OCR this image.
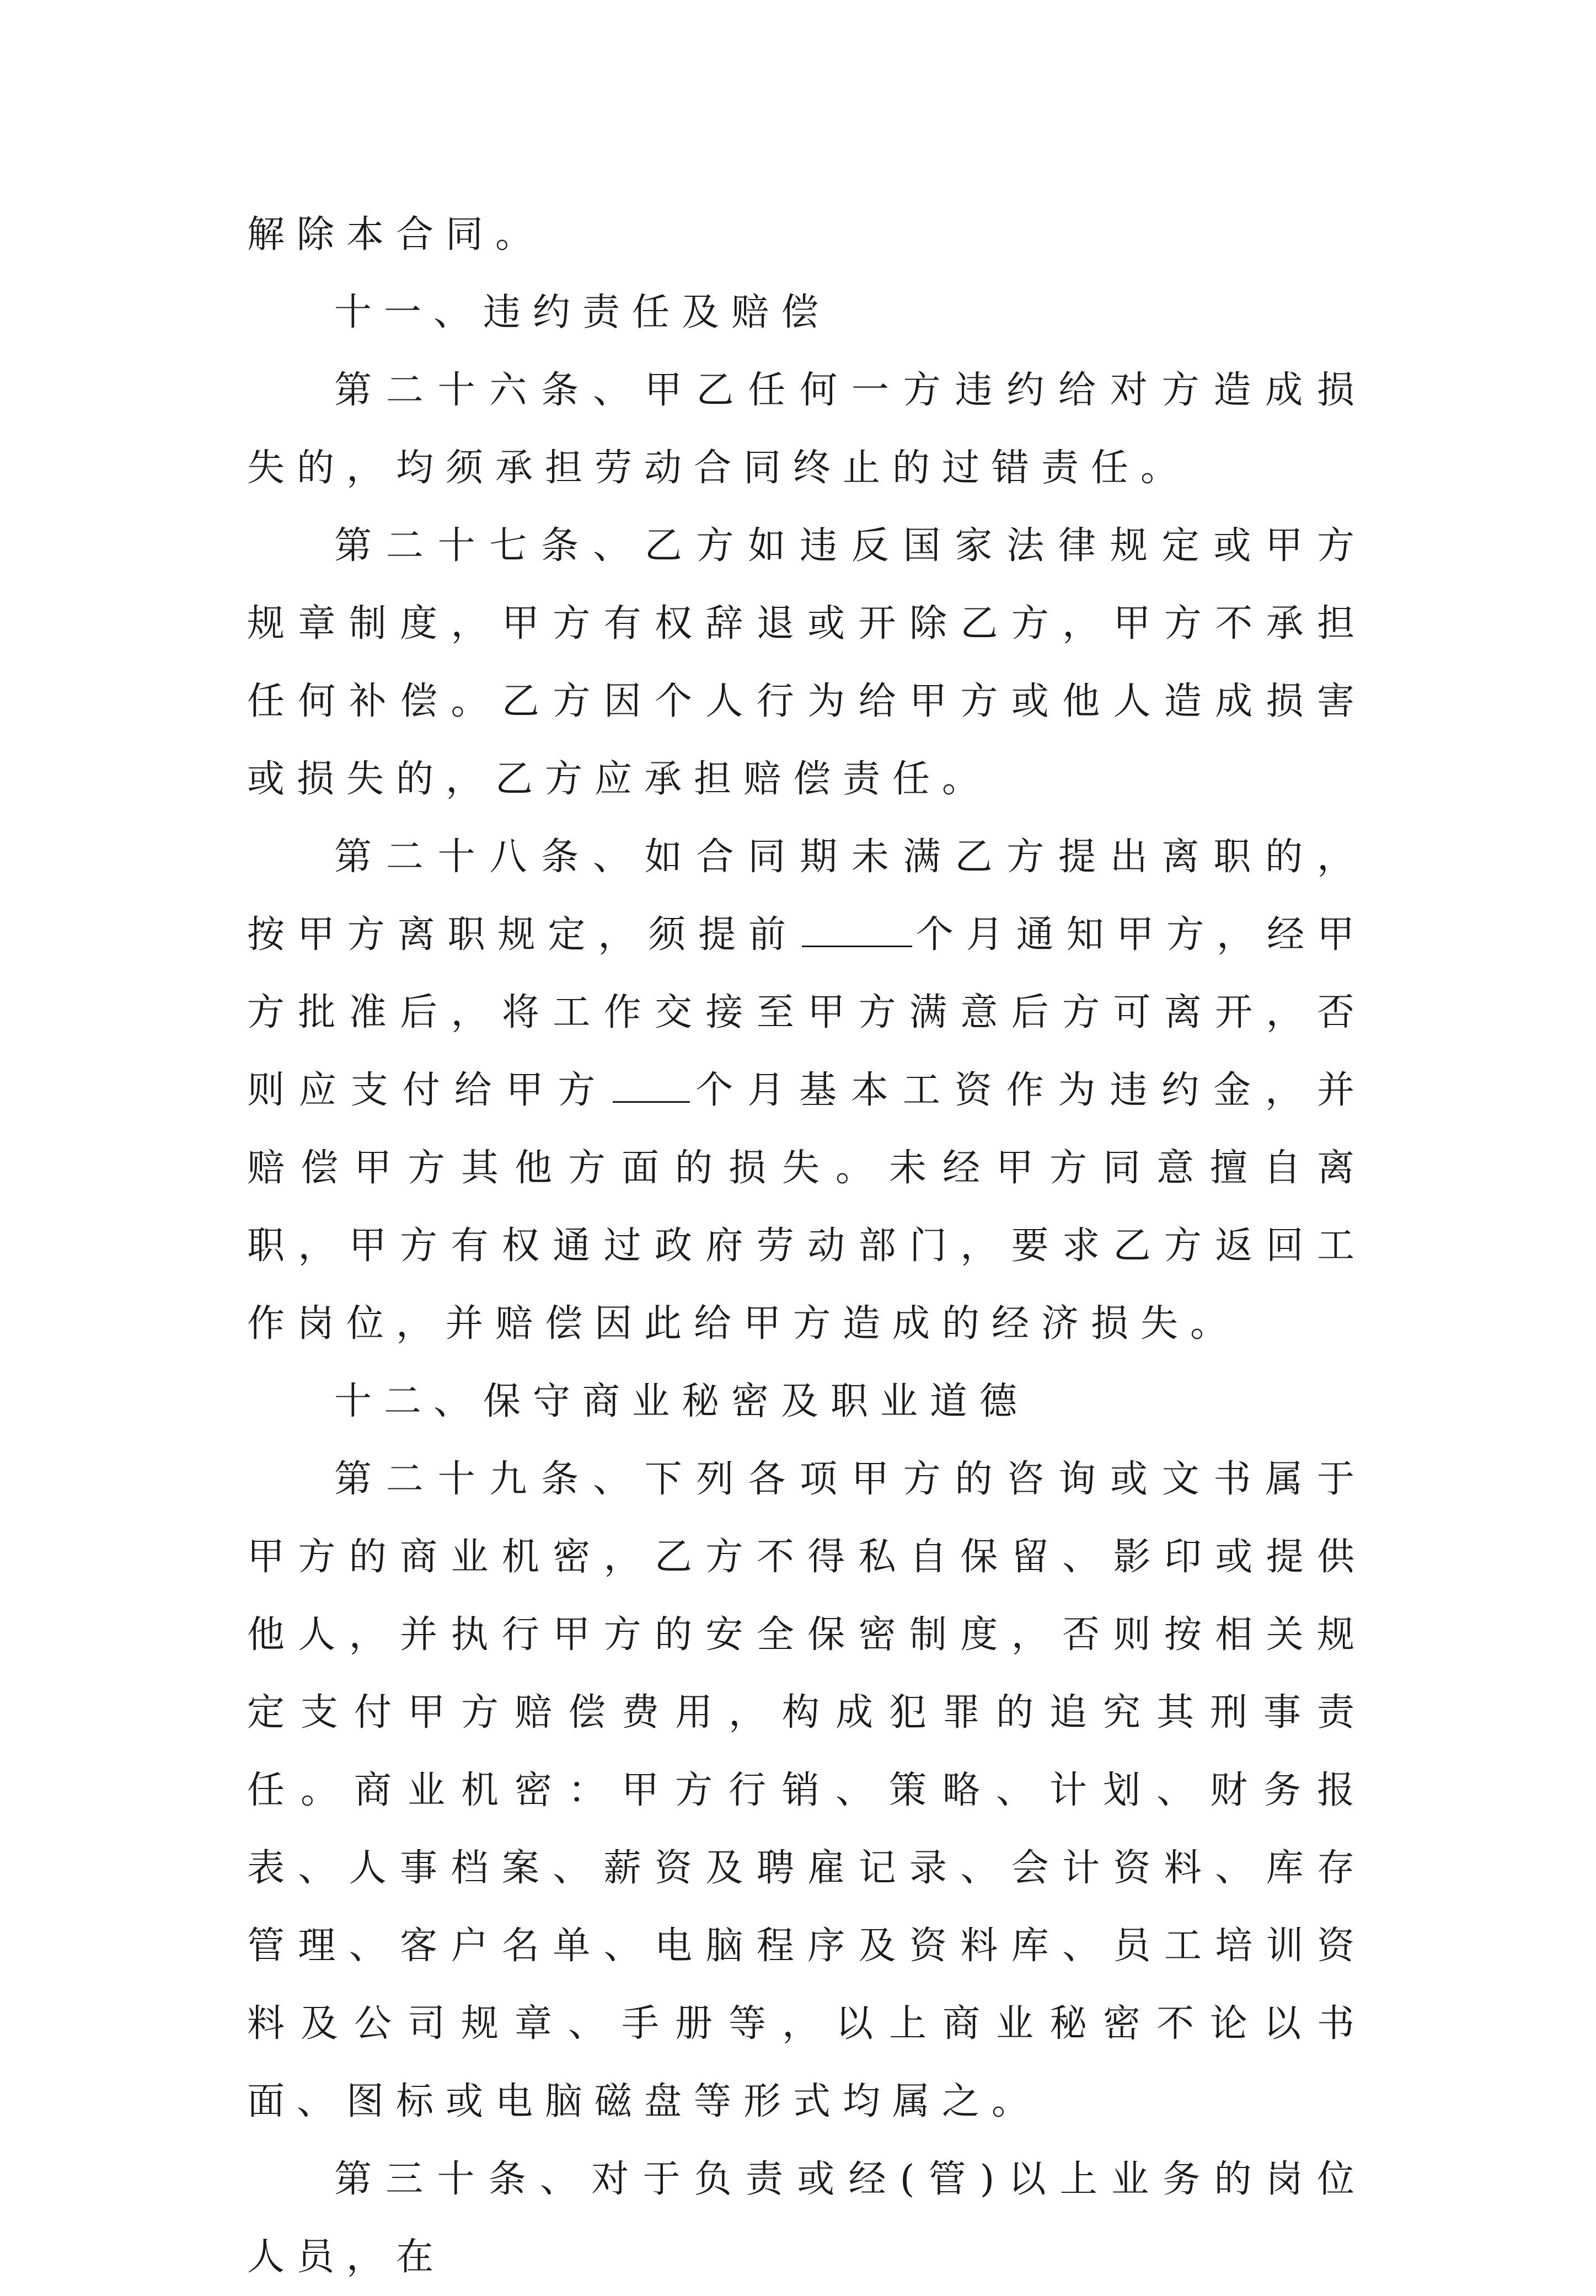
解除本合同。

十一、违约责任及赔偿

第二十六条、甲乙任何一方违约给对方造成损失的，均须承担劳动合同终止的过错责任。

第二十七条、乙方如违反国家法律规定或甲方规章制度，甲方有权辞退或开除乙方，甲方不承担任何补偿。乙方因个人行为给甲方或他人造成损害或损失的，乙方应承担赔偿责任。

第二十八条、如合同期未满乙方提出离职的，按甲方离职规定，须提前	个月通知甲方，经甲方批准后，将工作交接至甲方满意后方可离开，否则应支付给甲方 个月基本工资作为违约金，并赔偿甲方其他方面的损失。未经甲方同意擅自离职，甲方有权通过政府劳动部门，要求乙方返回工作岗位，并赔偿因此给甲方造成的经济损失。

十二、保守商业秘密及职业道德

第二十九条、下列各项甲方的咨询或文书属于甲方的商业机密，乙方不得私自保留、影印或提供他人，并执行甲方的安全保密制度，否则按相关规定支付甲方赔偿费用，构成犯罪的追究其刑事责任。商业机密：甲方行销、策略、计划、财务报表、人事档案、薪资及聘雇记录、会计资料、库存管理、客户名单、电脑程序及资料库、员工培训资料及公司规章、手册等，以上商业秘密不论以书面、图标或电脑磁盘等形式均属之。

第三十条、对于负责或经(管)以上业务的岗位人员，在
